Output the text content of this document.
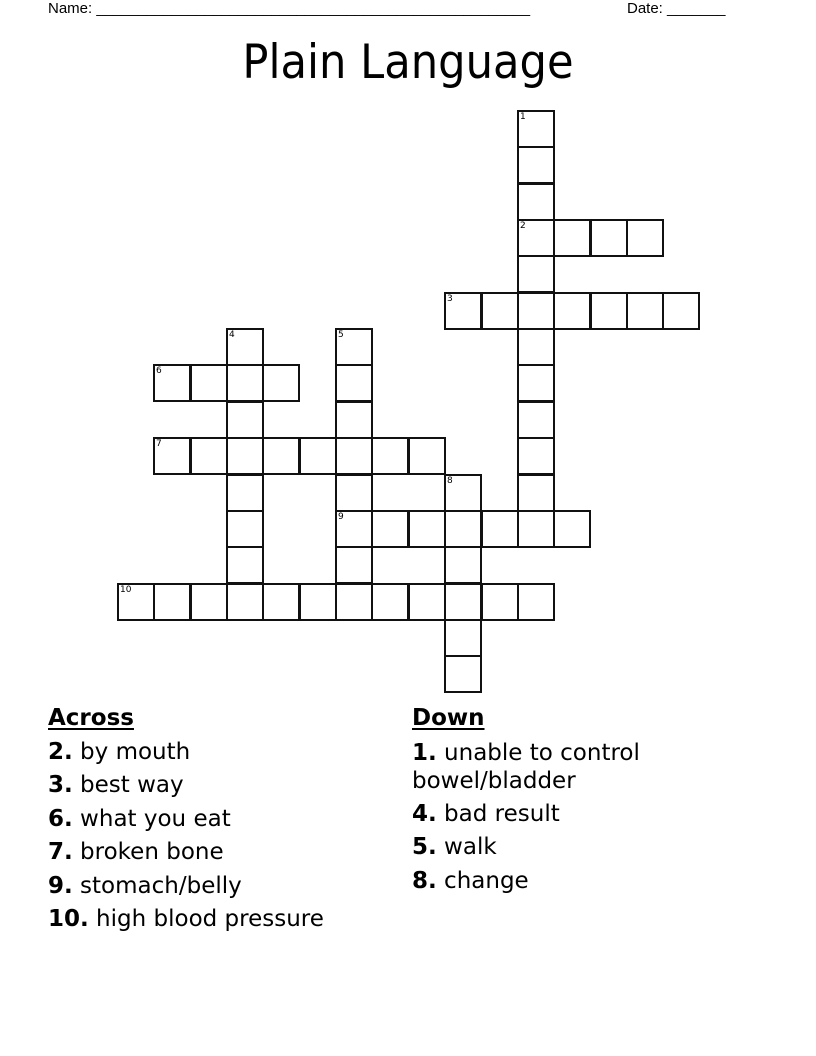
Name: ____________________________________________________	Date: _______
Plain Language
1
2
3
4	5
9
6
7
8
10
Across
2. by mouth
3. best way
6. what you eat
7. broken bone
9. stomach/belly
10. high blood pressure
Down
1. unable to control bowel/bladder
4. bad result
5. walk
8. change
